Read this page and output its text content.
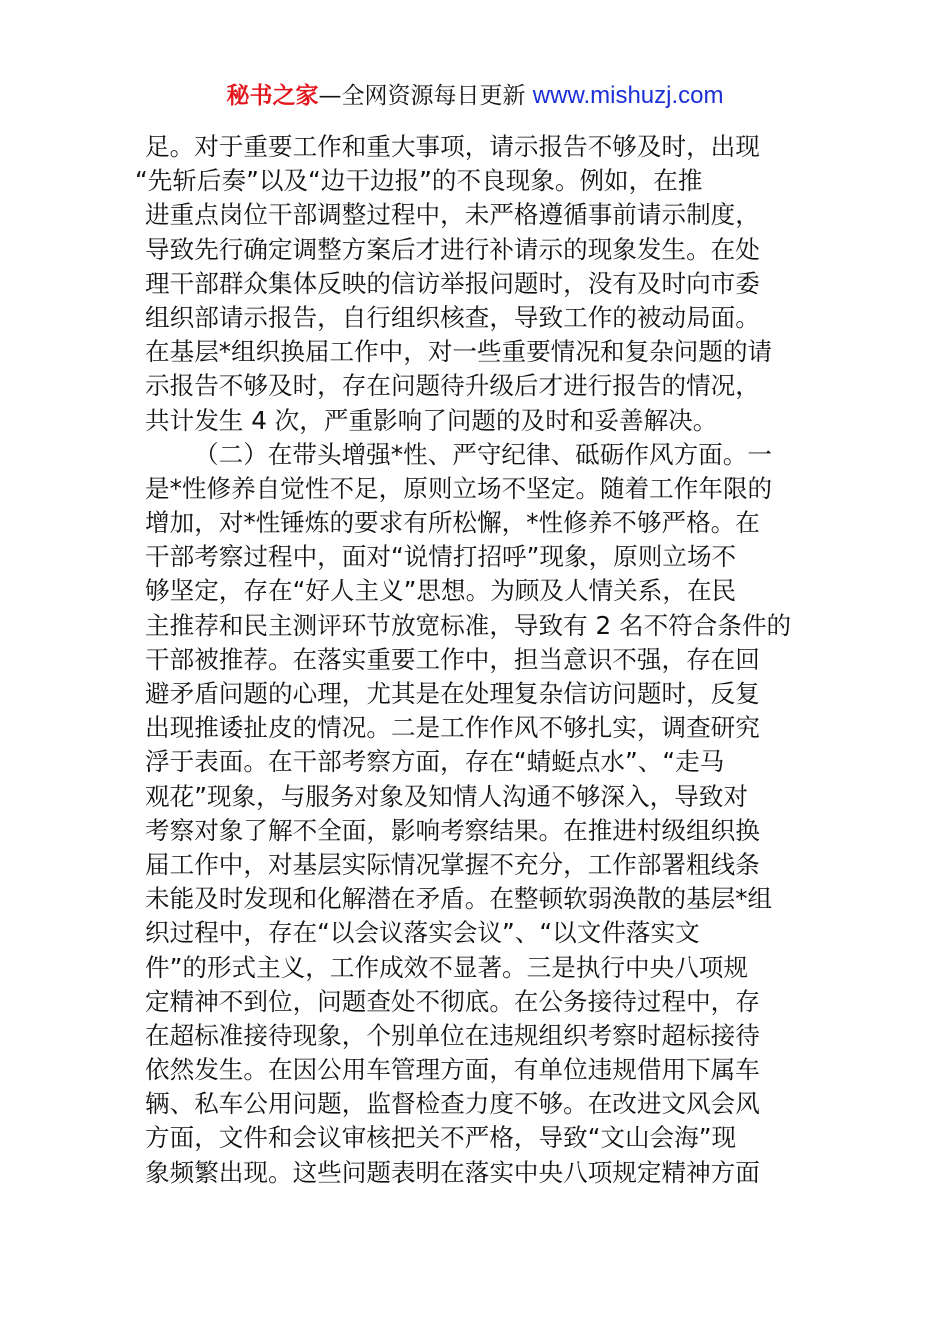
秘书之家—全网资源每日更新 www.mishuzj.com
足。对于重要工作和重大事项，请示报告不够及时，出现
“先斩后奏”以及“边干边报”的不良现象。例如，在推
进重点岗位干部调整过程中，未严格遵循事前请示制度，
导致先行确定调整方案后才进行补请示的现象发生。在处
理干部群众集体反映的信访举报问题时，没有及时向市委
组织部请示报告，自行组织核查，导致工作的被动局面。
在基层*组织换届工作中，对一些重要情况和复杂问题的请
示报告不够及时，存在问题待升级后才进行报告的情况，
共计发生 4 次，严重影响了问题的及时和妥善解决。
（二）在带头增强*性、严守纪律、砥砺作风方面。一
是*性修养自觉性不足，原则立场不坚定。随着工作年限的
增加，对*性锤炼的要求有所松懈，*性修养不够严格。在
干部考察过程中，面对“说情打招呼”现象，原则立场不
够坚定，存在“好人主义”思想。为顾及人情关系，在民
主推荐和民主测评环节放宽标准，导致有 2 名不符合条件的
干部被推荐。在落实重要工作中，担当意识不强，存在回
避矛盾问题的心理，尤其是在处理复杂信访问题时，反复
出现推诿扯皮的情况。二是工作作风不够扎实，调查研究
浮于表面。在干部考察方面，存在“蜻蜓点水”、“走马
观花”现象，与服务对象及知情人沟通不够深入，导致对
考察对象了解不全面，影响考察结果。在推进村级组织换
届工作中，对基层实际情况掌握不充分，工作部署粗线条
未能及时发现和化解潜在矛盾。在整顿软弱涣散的基层*组
织过程中，存在“以会议落实会议”、“以文件落实文
件”的形式主义，工作成效不显著。三是执行中央八项规
定精神不到位，问题查处不彻底。在公务接待过程中，存
在超标准接待现象，个别单位在违规组织考察时超标接待
依然发生。在因公用车管理方面，有单位违规借用下属车
辆、私车公用问题，监督检查力度不够。在改进文风会风
方面，文件和会议审核把关不严格，导致“文山会海”现
象频繁出现。这些问题表明在落实中央八项规定精神方面
